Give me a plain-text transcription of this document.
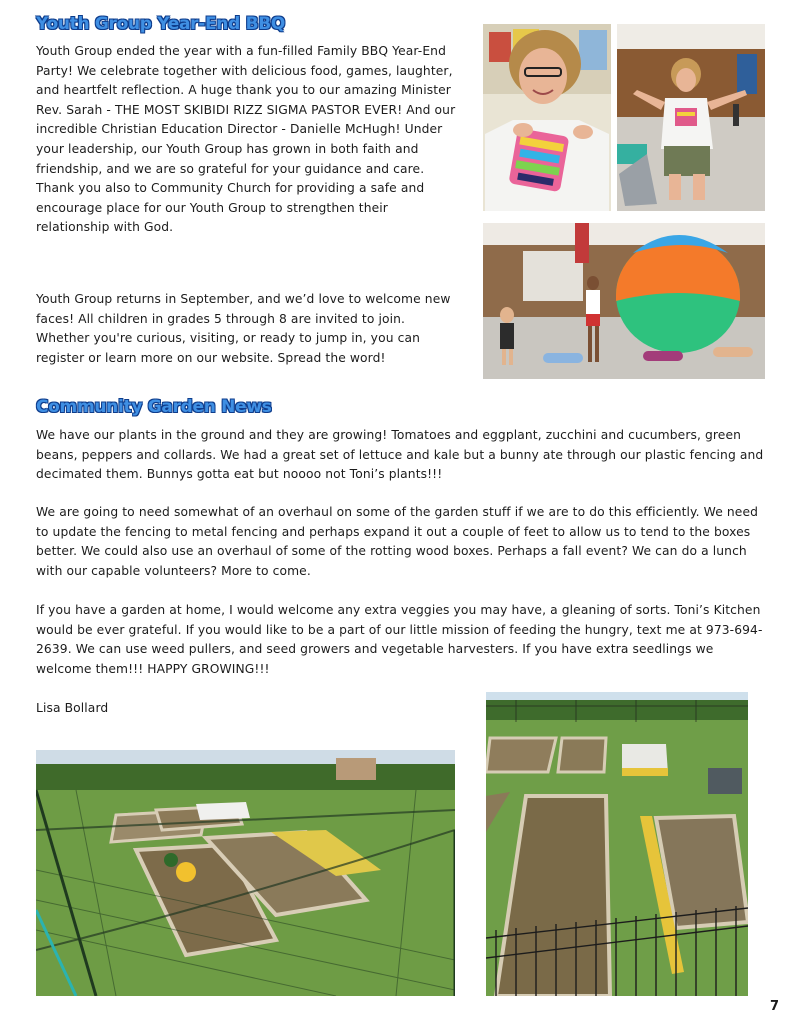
Youth Group Year-End BBQ

Youth Group ended the year with a fun-filled Family BBQ Year-End Party! We celebrate together with delicious food, games, laughter, and heartfelt reflection. A huge thank you to our amazing Minister Rev. Sarah - THE MOST SKIBIDI RIZZ SIGMA PASTOR EVER! And our incredible Christian Education Director - Danielle McHugh! Under your leadership, our Youth Group has grown in both faith and friendship, and we are so grateful for your guidance and care. Thank you also to Community Church for providing a safe and encourage place for our Youth Group to strengthen their relationship with God.

Youth Group returns in September, and we’d love to welcome new faces! All children in grades 5 through 8 are invited to join. Whether you're curious, visiting, or ready to jump in, you can register or learn more on our website. Spread the word!

Community Garden News

We have our plants in the ground and they are growing! Tomatoes and eggplant, zucchini and cucumbers, green beans, peppers and collards. We had a great set of lettuce and kale but a bunny ate through our plastic fencing and decimated them. Bunnys gotta eat but noooo not Toni’s plants!!!

We are going to need somewhat of an overhaul on some of the garden stuff if we are to do this efficiently. We need to update the fencing to metal fencing and perhaps expand it out a couple of feet to allow us to tend to the boxes better. We could also use an overhaul of some of the rotting wood boxes. Perhaps a fall event? We can do a lunch with our capable volunteers? More to come.

If you have a garden at home, I would welcome any extra veggies you may have, a gleaning of sorts. Toni’s Kitchen would be ever grateful. If you would like to be a part of our little mission of feeding the hungry, text me at 973-694-2639. We can use weed pullers, and seed growers and vegetable harvesters. If you have extra seedlings we welcome them!!! HAPPY GROWING!!!

Lisa Bollard

7
